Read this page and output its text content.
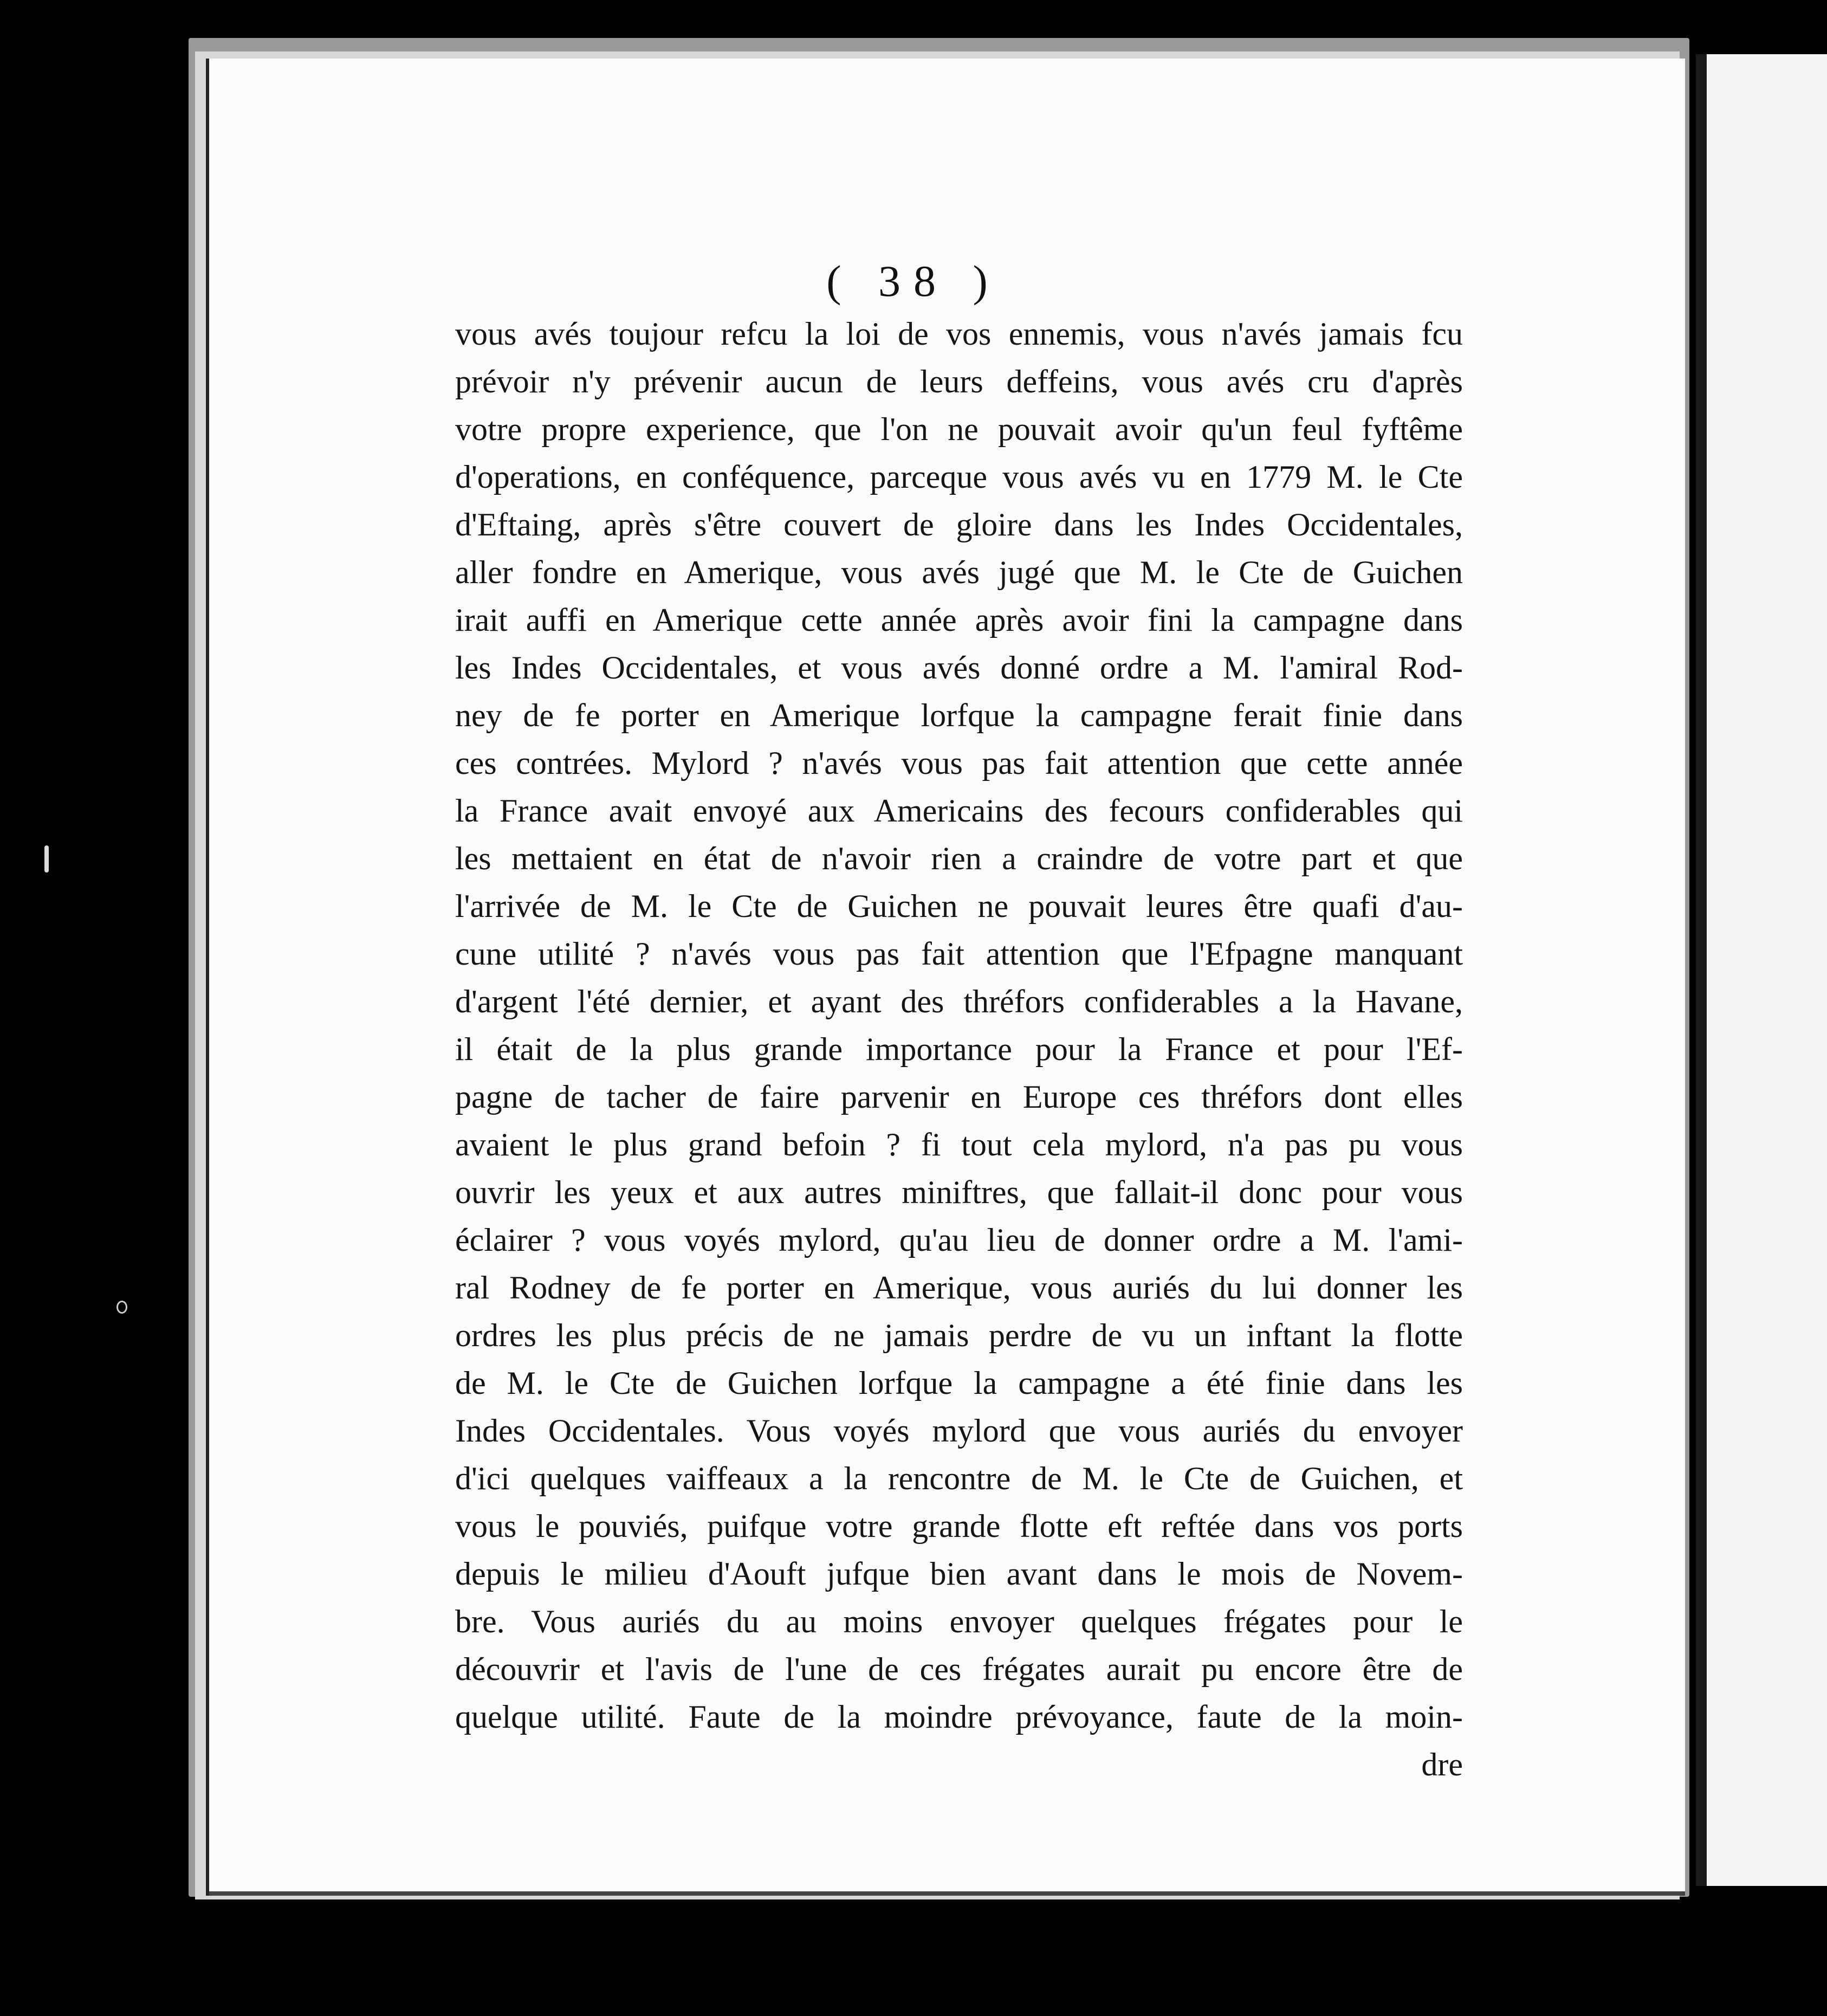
( 38 )
vous avés toujour refcu la loi de vos ennemis, vous n'avés jamais fcu
prévoir n'y prévenir aucun de leurs deffeins, vous avés cru d'après
votre propre experience, que l'on ne pouvait avoir qu'un feul fyftême
d'operations, en conféquence, parceque vous avés vu en 1779 M. le Cte
d'Eftaing, après s'être couvert de gloire dans les Indes Occidentales,
aller fondre en Amerique, vous avés jugé que M. le Cte de Guichen
irait auffi en Amerique cette année après avoir fini la campagne dans
les Indes Occidentales, et vous avés donné ordre a M. l'amiral Rod-
ney de fe porter en Amerique lorfque la campagne ferait finie dans
ces contrées. Mylord ? n'avés vous pas fait attention que cette année
la France avait envoyé aux Americains des fecours confiderables qui
les mettaient en état de n'avoir rien a craindre de votre part et que
l'arrivée de M. le Cte de Guichen ne pouvait leures être quafi d'au-
cune utilité ? n'avés vous pas fait attention que l'Efpagne manquant
d'argent l'été dernier, et ayant des thréfors confiderables a la Havane,
il était de la plus grande importance pour la France et pour l'Ef-
pagne de tacher de faire parvenir en Europe ces thréfors dont elles
avaient le plus grand befoin ? fi tout cela mylord, n'a pas pu vous
ouvrir les yeux et aux autres miniftres, que fallait-il donc pour vous
éclairer ? vous voyés mylord, qu'au lieu de donner ordre a M. l'ami-
ral Rodney de fe porter en Amerique, vous auriés du lui donner les
ordres les plus précis de ne jamais perdre de vu un inftant la flotte
de M. le Cte de Guichen lorfque la campagne a été finie dans les
Indes Occidentales. Vous voyés mylord que vous auriés du envoyer
d'ici quelques vaiffeaux a la rencontre de M. le Cte de Guichen, et
vous le pouviés, puifque votre grande flotte eft reftée dans vos ports
depuis le milieu d'Aouft jufque bien avant dans le mois de Novem-
bre. Vous auriés du au moins envoyer quelques frégates pour le
découvrir et l'avis de l'une de ces frégates aurait pu encore être de
quelque utilité. Faute de la moindre prévoyance, faute de la moin-
dre
